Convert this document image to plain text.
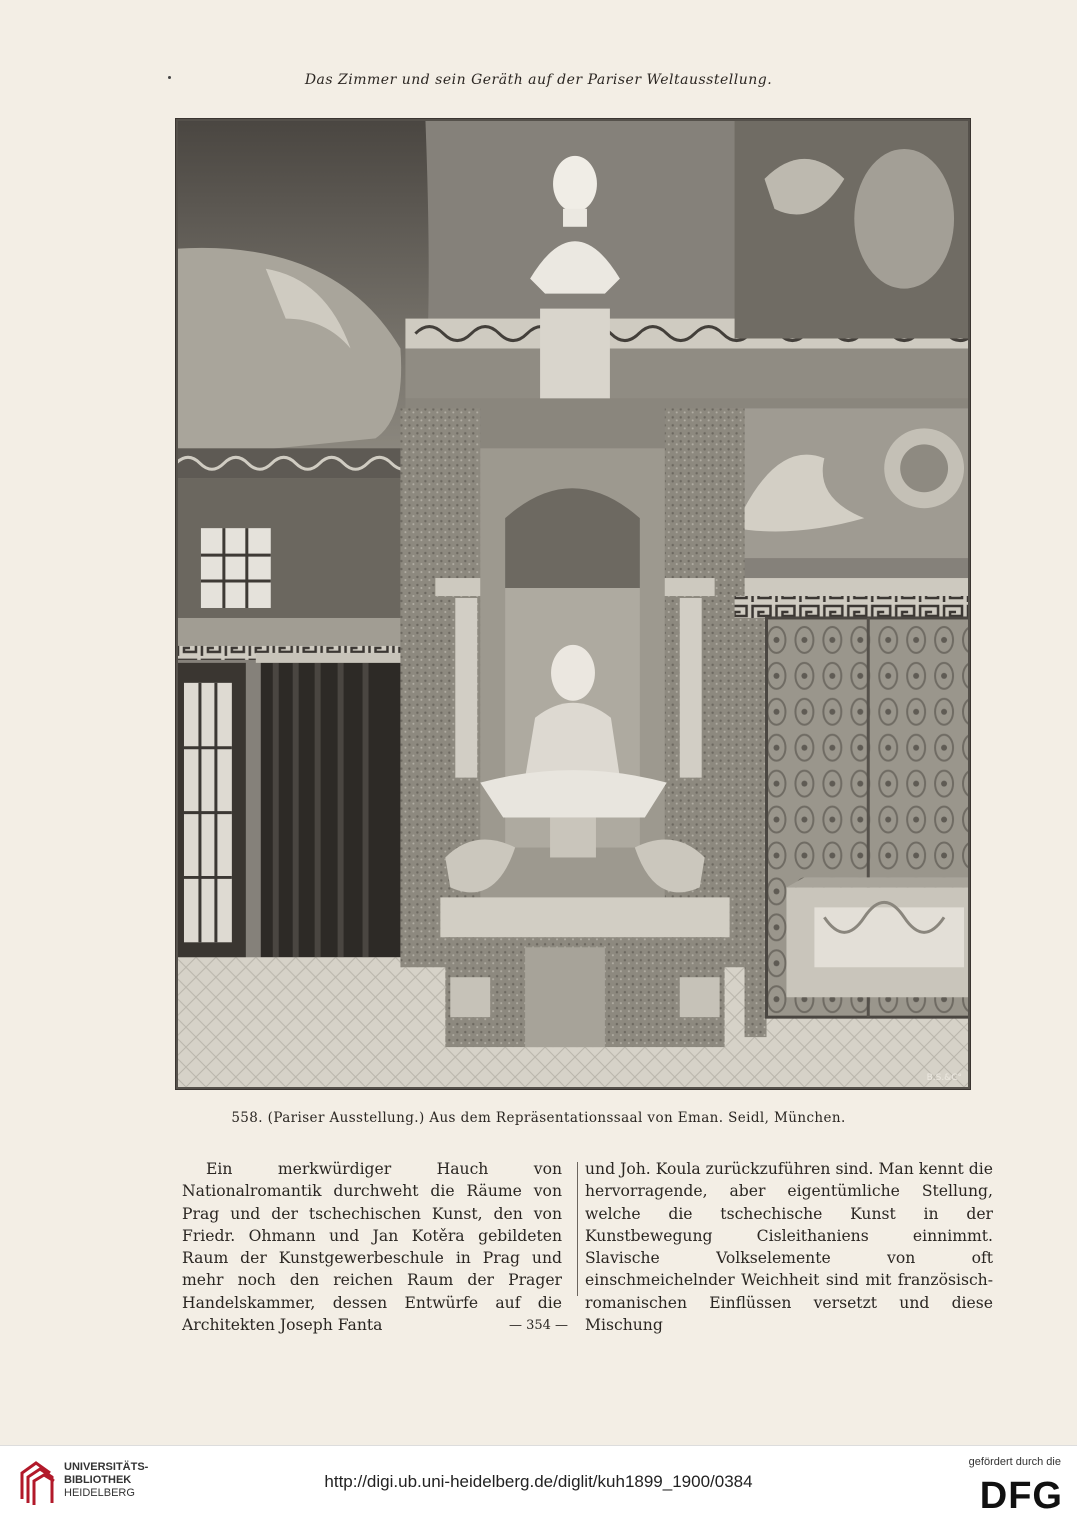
Das Zimmer und sein Geräth auf der Pariser Weltausstellung.
B.S.&C°
558. (Pariser Ausstellung.) Aus dem Repräsentationssaal von Eman. Seidl, München.

Ein merkwürdiger Hauch von Nationalromantik durchweht die Räume von Prag und der tschechischen Kunst, den von Friedr. Ohmann und Jan Kotěra gebildeten Raum der Kunstgewerbeschule in Prag und mehr noch den reichen Raum der Prager Handelskammer, dessen Entwürfe auf die Architekten Joseph Fanta

und Joh. Koula zurückzuführen sind. Man kennt die hervorragende, aber eigentümliche Stellung, welche die tschechische Kunst in der Kunstbewegung Cisleithaniens einnimmt. Slavische Volkselemente von oft einschmeichelnder Weichheit sind mit französisch-romanischen Einflüssen versetzt und diese Mischung

— 354 —
UNIVERSITÄTS-
BIBLIOTHEK
HEIDELBERG
http://digi.ub.uni-heidelberg.de/diglit/kuh1899_1900/0384
gefördert durch die
DFG
